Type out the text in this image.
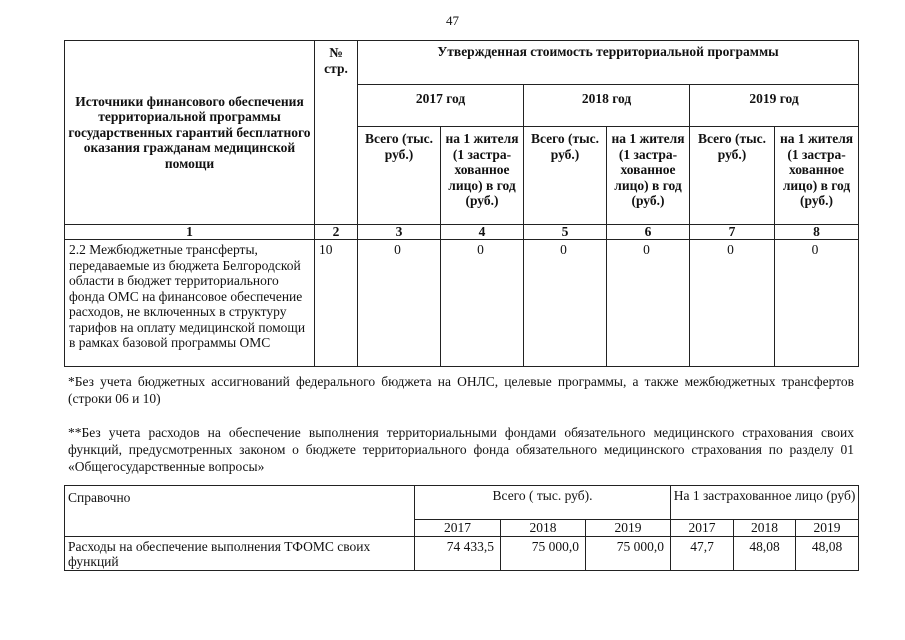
47
Источники финансового обеспечения территориальной программы государственных гарантий бесплатного оказания гражданам медицинской помощи	№ стр.	Утвержденная стоимость территориальной программы					
		2017 год		2018 год		2019 год	
		Всего (тыс. руб.)	на 1 жителя (1 застра-хованное лицо) в год (руб.)	Всего (тыс. руб.)	на 1 жителя (1 застра-хованное лицо) в год (руб.)	Всего (тыс. руб.)	на 1 жителя (1 застра-хованное лицо) в год (руб.)
1	2	3	4	5	6	7	8
2.2 Межбюджетные трансферты, передаваемые из бюджета Белгородской области в бюджет территориального фонда ОМС на финансовое обеспечение расходов, не включенных в структуру тарифов на оплату медицинской помощи в рамках базовой программы ОМС	10	0	0	0	0	0	0
*Без учета бюджетных ассигнований федерального бюджета на ОНЛС, целевые программы, а также межбюджетных трансфертов (строки 06 и 10)
**Без учета расходов на обеспечение выполнения территориальными фондами обязательного медицинского страхования своих функций, предусмотренных законом о бюджете территориального фонда обязательного медицинского страхования по разделу 01 «Общегосударственные вопросы»
Справочно	Всего ( тыс. руб).			На 1 застрахованное лицо (руб)		
	2017	2018	2019	2017	2018	2019
Расходы на обеспечение выполнения ТФОМС своих функций	74 433,5	75 000,0	75 000,0	47,7	48,08	48,08
